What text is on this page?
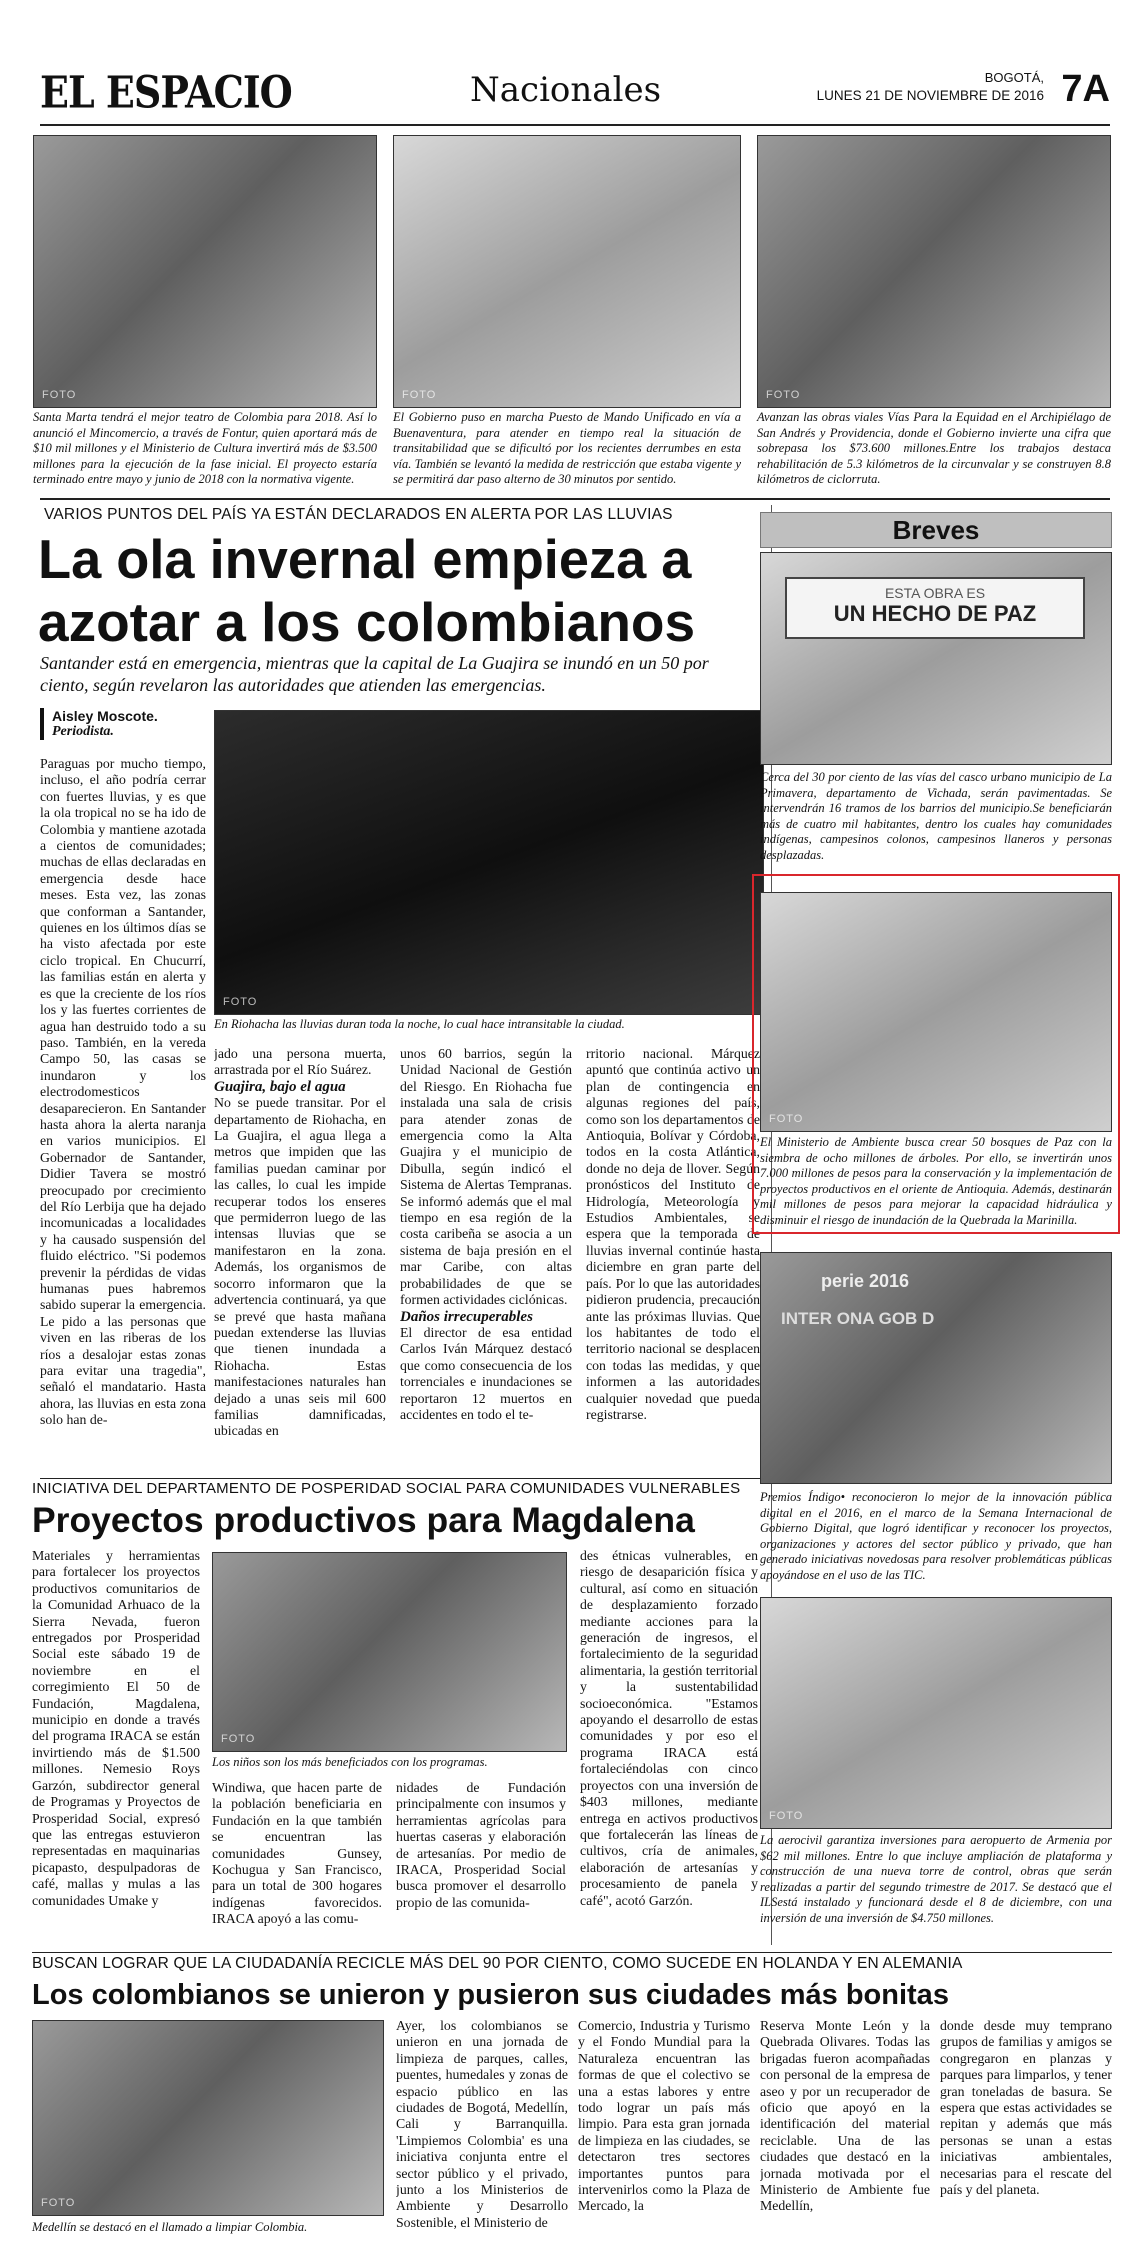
EL ESPACIO	Nacionales	BOGOTÁ,
LUNES 21 DE NOVIEMBRE DE 2016 7A
FOTO
Santa Marta tendrá el mejor teatro de Colombia para 2018. Así lo anunció el Mincomercio, a través de Fontur, quien aportará más de $10 mil millones y el Ministerio de Cultura invertirá más de $3.500 millones para la ejecución de la fase inicial. El proyecto estaría terminado entre mayo y junio de 2018 con la normativa vigente.
FOTO
El Gobierno puso en marcha Puesto de Mando Unificado en vía a Buenaventura, para atender en tiempo real la situación de transitabilidad que se dificultó por los recientes derrumbes en esta vía. También se levantó la medida de restricción que estaba vigente y se permitirá dar paso alterno de 30 minutos por sentido.
FOTO
Avanzan las obras viales Vías Para la Equidad en el Archipiélago de San Andrés y Providencia, donde el Gobierno invierte una cifra que sobrepasa los $73.600 millones.Entre los trabajos destaca rehabilitación de 5.3 kilómetros de la circunvalar y se construyen 8.8 kilómetros de ciclorruta.
VARIOS PUNTOS DEL PAÍS YA ESTÁN DECLARADOS EN ALERTA POR LAS LLUVIAS
La ola invernal empieza a
azotar a los colombianos
Santander está en emergencia, mientras que la capital de La Guajira se inundó en un 50 por ciento, según revelaron las autoridades que atienden las emergencias.
Aisley Moscote.
Periodista.
Paraguas por mucho tiempo, incluso, el año podría cerrar con fuertes lluvias, y es que la ola tropical no se ha ido de Colombia y mantiene azotada a cientos de comunidades; muchas de ellas declaradas en emergencia desde hace meses. Esta vez, las zonas que conforman a Santander, quienes en los últimos días se ha visto afectada por este ciclo tropical. En Chucurrí, las familias están en alerta y es que la creciente de los ríos los y las fuertes corrientes de agua han destruido todo a su paso. También, en la vereda Campo 50, las casas se inundaron y los electrodomesticos desaparecieron. En Santander hasta ahora la alerta naranja en varios municipios. El Gobernador de Santander, Didier Tavera se mostró preocupado por crecimiento del Río Lerbija que ha dejado incomunicadas a localidades y ha causado suspensión del fluido eléctrico. "Si podemos prevenir la pérdidas de vidas humanas pues habremos sabido superar la emergencia. Le pido a las personas que viven en las riberas de los ríos a desalojar estas zonas para evitar una tragedia", señaló el mandatario. Hasta ahora, las lluvias en esta zona solo han de-
FOTO
En Riohacha las lluvias duran toda la noche, lo cual hace intransitable la ciudad.

jado una persona muerta, arrastrada por el Río Suárez.

Guajira, bajo el agua

No se puede transitar. Por el departamento de Riohacha, en La Guajira, el agua llega a metros que impiden que las familias puedan caminar por las calles, lo cual les impide recuperar todos los enseres que permiderron luego de las intensas lluvias que se manifestaron en la zona. Además, los organismos de socorro informaron que la advertencia continuará, ya que se prevé que hasta mañana puedan extenderse las lluvias que tienen inundada a Riohacha. Estas manifestaciones naturales han dejado a unas seis mil 600 familias damnificadas, ubicadas en

unos 60 barrios, según la Unidad Nacional de Gestión del Riesgo. En Riohacha fue instalada una sala de crisis para atender zonas de emergencia como la Alta Guajira y el municipio de Dibulla, según indicó el Sistema de Alertas Tempranas. Se informó además que el mal tiempo en esa región de la costa caribeña se asocia a un sistema de baja presión en el mar Caribe, con altas probabilidades de que se formen actividades ciclónicas.

Daños irrecuperables

El director de esa entidad Carlos Iván Márquez destacó que como consecuencia de los torrenciales e inundaciones se reportaron 12 muertos en accidentes en todo el te-

rritorio nacional. Márquez apuntó que continúa activo un plan de contingencia en algunas regiones del país, como son los departamentos de Antioquia, Bolívar y Córdoba, todos en la costa Atlántica, donde no deja de llover. Según pronósticos del Instituto de Hidrología, Meteorología y Estudios Ambientales, se espera que la temporada de lluvias invernal continúe hasta diciembre en gran parte del país. Por lo que las autoridades pidieron prudencia, precaución ante las próximas lluvias. Que los habitantes de todo el territorio nacional se desplacen con todas las medidas, y que informen a las autoridades cualquier novedad que pueda registrarse.
Breves
ESTA OBRA ES
UN HECHO DE PAZ
Cerca del 30 por ciento de las vías del casco urbano municipio de La Primavera, departamento de Vichada, serán pavimentadas. Se intervendrán 16 tramos de los barrios del municipio.Se beneficiarán más de cuatro mil habitantes, dentro los cuales hay comunidades indígenas, campesinos colonos, campesinos llaneros y personas desplazadas.
FOTO
El Ministerio de Ambiente busca crear 50 bosques de Paz con la siembra de ocho millones de árboles. Por ello, se invertirán unos 7.000 millones de pesos para la conservación y la implementación de proyectos productivos en el oriente de Antioquia. Además, destinarán mil millones de pesos para mejorar la capacidad hidráulica y disminuir el riesgo de inundación de la Quebrada la Marinilla.
perie 2016
INTER ONA GOB D
Premios Índigo• reconocieron lo mejor de la innovación pública digital en el 2016, en el marco de la Semana Internacional de Gobierno Digital, que logró identificar y reconocer los proyectos, organizaciones y actores del sector público y privado, que han generado iniciativas novedosas para resolver problemáticas públicas apoyándose en el uso de las TIC.
FOTO
La aerocivil garantiza inversiones para aeropuerto de Armenia por $62 mil millones. Entre lo que incluye ampliación de plataforma y construcción de una nueva torre de control, obras que serán realizadas a partir del segundo trimestre de 2017. Se destacó que el ILSestá instalado y funcionará desde el 8 de diciembre, con una inversión de una inversión de $4.750 millones.
INICIATIVA DEL DEPARTAMENTO DE POSPERIDAD SOCIAL PARA COMUNIDADES VULNERABLES
Proyectos productivos para Magdalena
Materiales y herramientas para fortalecer los proyectos productivos comunitarios de la Comunidad Arhuaco de la Sierra Nevada, fueron entregados por Prosperidad Social este sábado 19 de noviembre en el corregimiento El 50 de Fundación, Magdalena, municipio en donde a través del programa IRACA se están invirtiendo más de $1.500 millones. Nemesio Roys Garzón, subdirector general de Programas y Proyectos de Prosperidad Social, expresó que las entregas estuvieron representadas en maquinarias picapasto, despulpadoras de café, mallas y mulas a las comunidades Umake y
FOTO
Los niños son los más beneficiados con los programas.
Windiwa, que hacen parte de la población beneficiaria en Fundación en la que también se encuentran las comunidades Gunsey, Kochugua y San Francisco, para un total de 300 hogares indígenas favorecidos. IRACA apoyó a las comu-
nidades de Fundación principalmente con insumos y herramientas agrícolas para huertas caseras y elaboración de artesanías. Por medio de IRACA, Prosperidad Social busca promover el desarrollo propio de las comunida-
des étnicas vulnerables, en riesgo de desaparición física y cultural, así como en situación de desplazamiento forzado mediante acciones para la generación de ingresos, el fortalecimiento de la seguridad alimentaria, la gestión territorial y la sustentabilidad socioeconómica. "Estamos apoyando el desarrollo de estas comunidades y por eso el programa IRACA está fortaleciéndolas con cinco proyectos con una inversión de $403 millones, mediante entrega en activos productivos que fortalecerán las líneas de cultivos, cría de animales, elaboración de artesanías y procesamiento de panela y café", acotó Garzón.
BUSCAN LOGRAR QUE LA CIUDADANÍA RECICLE MÁS DEL 90 POR CIENTO, COMO SUCEDE EN HOLANDA Y EN ALEMANIA
Los colombianos se unieron y pusieron sus ciudades más bonitas
FOTO
Medellín se destacó en el llamado a limpiar Colombia.
Ayer, los colombianos se unieron en una jornada de limpieza de parques, calles, puentes, humedales y zonas de espacio público en las ciudades de Bogotá, Medellín, Cali y Barranquilla. 'Limpiemos Colombia' es una iniciativa conjunta entre el sector público y el privado, junto a los Ministerios de Ambiente y Desarrollo Sostenible, el Ministerio de
Comercio, Industria y Turismo y el Fondo Mundial para la Naturaleza encuentran las formas de que el colectivo se una a estas labores y entre todo lograr un país más limpio. Para esta gran jornada de limpieza en las ciudades, se detectaron tres sectores importantes puntos para intervenirlos como la Plaza de Mercado, la
Reserva Monte León y la Quebrada Olivares. Todas las brigadas fueron acompañadas con personal de la empresa de aseo y por un recuperador de oficio que apoyó en la identificación del material reciclable. Una de las ciudades que destacó en la jornada motivada por el Ministerio de Ambiente fue Medellín,
donde desde muy temprano grupos de familias y amigos se congregaron en planzas y parques para limparlos, y tener gran toneladas de basura. Se espera que estas actividades se repitan y además que más personas se unan a estas iniciativas ambientales, necesarias para el rescate del país y del planeta.
